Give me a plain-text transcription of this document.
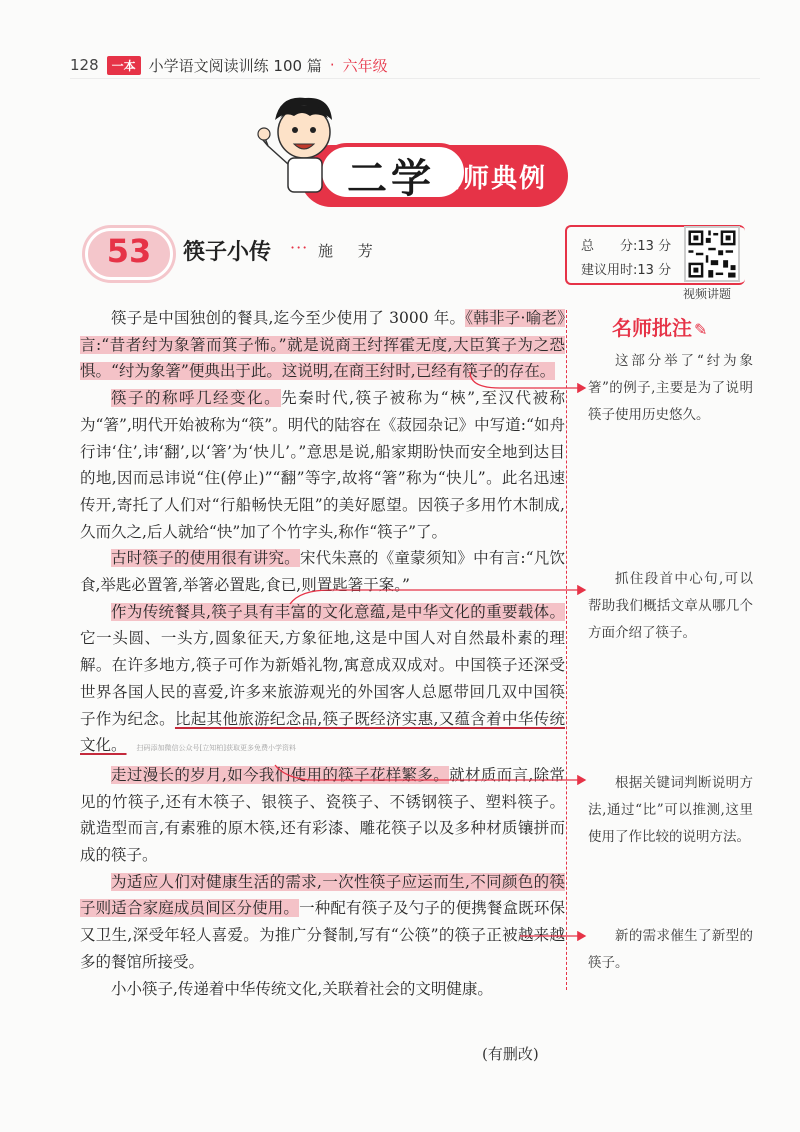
128	一本 小学语文阅读训练 100 篇 · 六年级
二学 名师典例
53	筷子小传 ··· 施 芳	总　　分:13 分
建议用时:13 分
视频讲题

筷子是中国独创的餐具,迄今至少使用了 3000 年。《韩非子·喻老》言:“昔者纣为象箸而箕子怖。”就是说商王纣挥霍无度,大臣箕子为之恐惧。“纣为象箸”便典出于此。这说明,在商王纣时,已经有筷子的存在。

筷子的称呼几经变化。先秦时代,筷子被称为“梜”,至汉代被称为“箸”,明代开始被称为“筷”。明代的陆容在《菽园杂记》中写道:“如舟行讳‘住’,讳‘翻’,以‘箸’为‘快儿’。”意思是说,船家期盼快而安全地到达目的地,因而忌讳说“住(停止)”“翻”等字,故将“箸”称为“快儿”。此名迅速传开,寄托了人们对“行船畅快无阻”的美好愿望。因筷子多用竹木制成,久而久之,后人就给“快”加了个竹字头,称作“筷子”了。

古时筷子的使用很有讲究。宋代朱熹的《童蒙须知》中有言:“凡饮食,举匙必置箸,举箸必置匙,食已,则置匙箸于案。”

作为传统餐具,筷子具有丰富的文化意蕴,是中华文化的重要载体。它一头圆、一头方,圆象征天,方象征地,这是中国人对自然最朴素的理解。在许多地方,筷子可作为新婚礼物,寓意成双成对。中国筷子还深受世界各国人民的喜爱,许多来旅游观光的外国客人总愿带回几双中国筷子作为纪念。比起其他旅游纪念品,筷子既经济实惠,又蕴含着中华传统文化。 扫码添加微信公众号[立知柏]获取更多免费小学资料

走过漫长的岁月,如今我们使用的筷子花样繁多。就材质而言,除常见的竹筷子,还有木筷子、银筷子、瓷筷子、不锈钢筷子、塑料筷子。就造型而言,有素雅的原木筷,还有彩漆、雕花筷子以及多种材质镶拼而成的筷子。

为适应人们对健康生活的需求,一次性筷子应运而生,不同颜色的筷子则适合家庭成员间区分使用。一种配有筷子及勺子的便携餐盒既环保又卫生,深受年轻人喜爱。为推广分餐制,写有“公筷”的筷子正被越来越多的餐馆所接受。

小小筷子,传递着中华传统文化,关联着社会的文明健康。

(有删改)
名师批注 ✎
这部分举了“纣为象箸”的例子,主要是为了说明筷子使用历史悠久。
抓住段首中心句,可以帮助我们概括文章从哪几个方面介绍了筷子。
根据关键词判断说明方法,通过“比”可以推测,这里使用了作比较的说明方法。
新的需求催生了新型的筷子。
